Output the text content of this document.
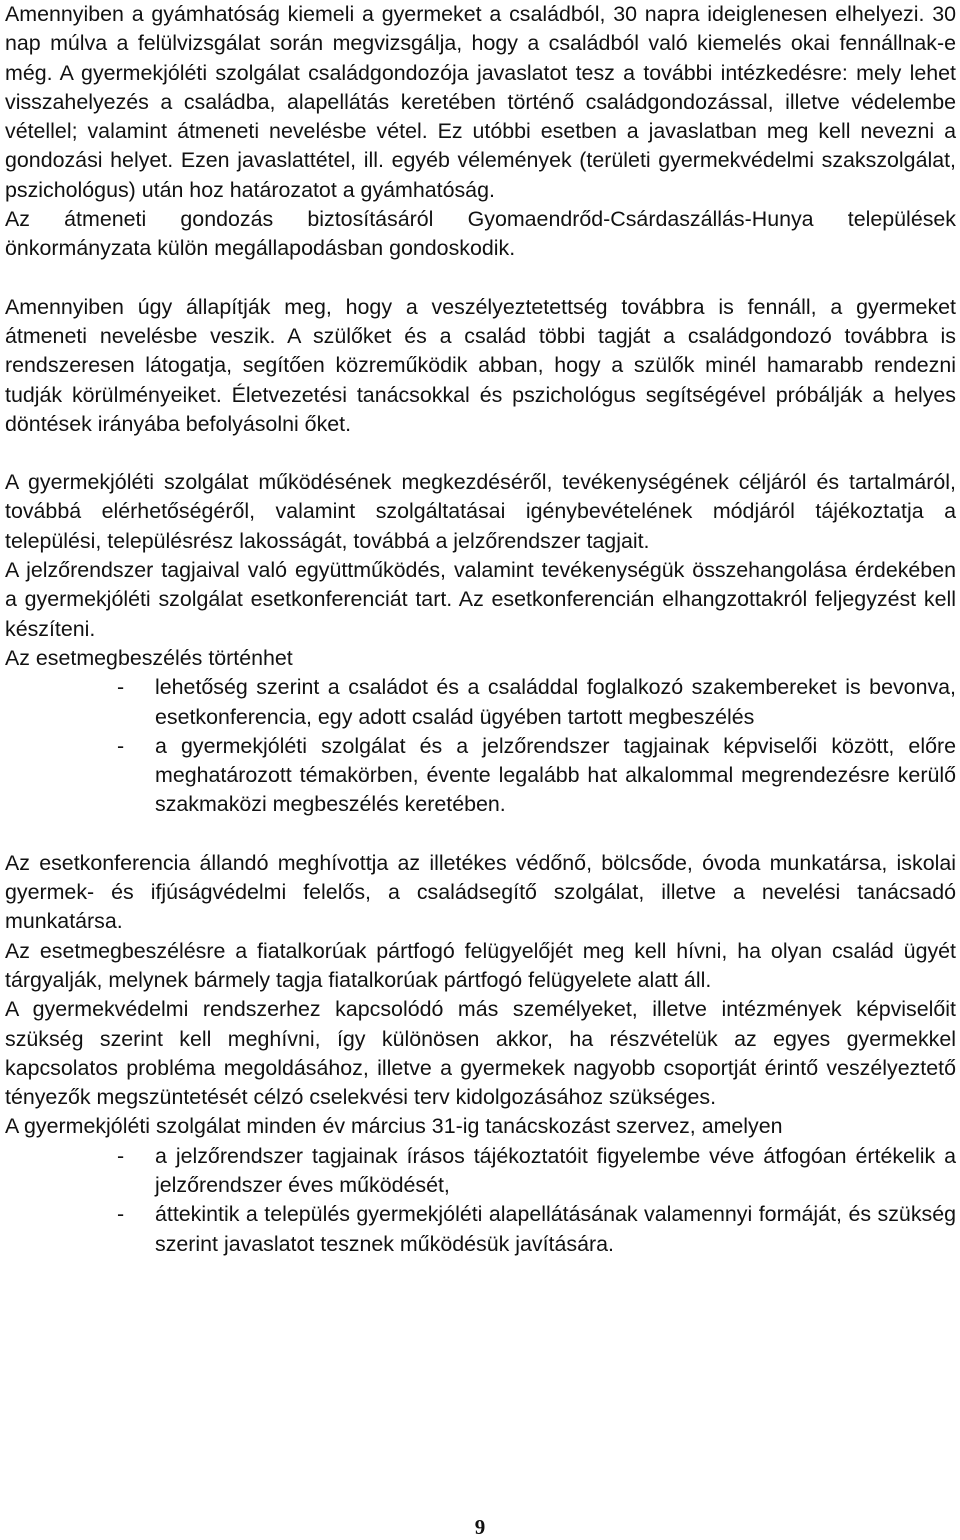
Amennyiben a gyámhatóság kiemeli a gyermeket a családból, 30 napra ideiglenesen elhelyezi. 30 nap múlva a felülvizsgálat során megvizsgálja, hogy a családból való kiemelés okai fennállnak-e még. A gyermekjóléti szolgálat családgondozója javaslatot tesz a további intézkedésre: mely lehet visszahelyezés a családba, alapellátás keretében történő családgondozással, illetve védelembe vétellel; valamint átmeneti nevelésbe vétel. Ez utóbbi esetben a javaslatban meg kell nevezni a gondozási helyet. Ezen javaslattétel, ill. egyéb vélemények (területi gyermekvédelmi szakszolgálat, pszichológus) után hoz határozatot a gyámhatóság.

Az átmeneti gondozás biztosításáról Gyomaendrőd-Csárdaszállás-Hunya települések önkormányzata külön megállapodásban gondoskodik.

Amennyiben úgy állapítják meg, hogy a veszélyeztetettség továbbra is fennáll, a gyermeket átmeneti nevelésbe veszik. A szülőket és a család többi tagját a családgondozó továbbra is rendszeresen látogatja, segítően közreműködik abban, hogy a szülők minél hamarabb rendezni tudják körülményeiket. Életvezetési tanácsokkal és pszichológus segítségével próbálják a helyes döntések irányába befolyásolni őket.

A gyermekjóléti szolgálat működésének megkezdéséről, tevékenységének céljáról és tartalmáról, továbbá elérhetőségéről, valamint szolgáltatásai igénybevételének módjáról tájékoztatja a települési, településrész lakosságát, továbbá a jelzőrendszer tagjait.

A jelzőrendszer tagjaival való együttműködés, valamint tevékenységük összehangolása érdekében a gyermekjóléti szolgálat esetkonferenciát tart. Az esetkonferencián elhangzottakról feljegyzést kell készíteni.

Az esetmegbeszélés történhet

- lehetőség szerint a családot és a családdal foglalkozó szakembereket is bevonva, esetkonferencia, egy adott család ügyében tartott megbeszélés
- a gyermekjóléti szolgálat és a jelzőrendszer tagjainak képviselői között, előre meghatározott témakörben, évente legalább hat alkalommal megrendezésre kerülő szakmaközi megbeszélés keretében.

Az esetkonferencia állandó meghívottja az illetékes védőnő, bölcsőde, óvoda munkatársa, iskolai gyermek- és ifjúságvédelmi felelős, a családsegítő szolgálat, illetve a nevelési tanácsadó munkatársa.

Az esetmegbeszélésre a fiatalkorúak pártfogó felügyelőjét meg kell hívni, ha olyan család ügyét tárgyalják, melynek bármely tagja fiatalkorúak pártfogó felügyelete alatt áll.

A gyermekvédelmi rendszerhez kapcsolódó más személyeket, illetve intézmények képviselőit szükség szerint kell meghívni, így különösen akkor, ha részvételük az egyes gyermekkel kapcsolatos probléma megoldásához, illetve a gyermekek nagyobb csoportját érintő veszélyeztető tényezők megszüntetését célzó cselekvési terv kidolgozásához szükséges.

A gyermekjóléti szolgálat minden év március 31-ig tanácskozást szervez, amelyen

- a jelzőrendszer tagjainak írásos tájékoztatóit figyelembe véve átfogóan értékelik a jelzőrendszer éves működését,
- áttekintik a település gyermekjóléti alapellátásának valamennyi formáját, és szükség szerint javaslatot tesznek működésük javítására.
9
